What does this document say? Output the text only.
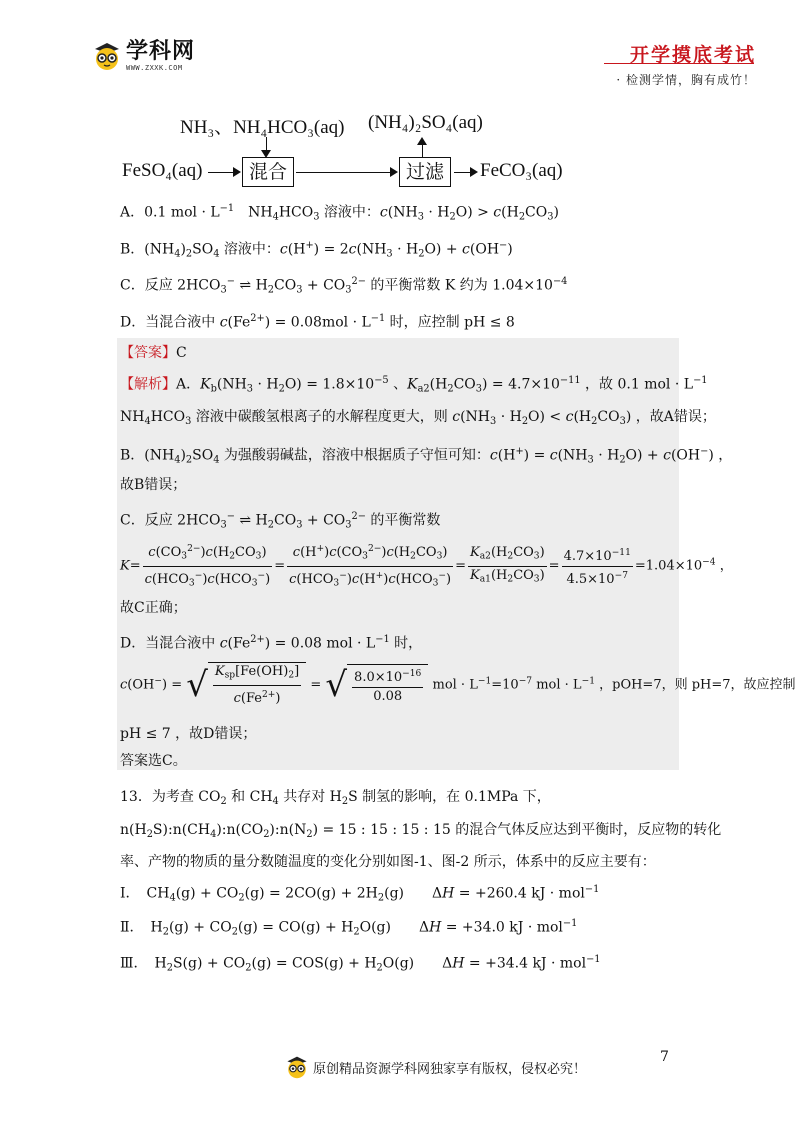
学科网
WWW.ZXXK.COM
开学摸底考试
· 检测学情，胸有成竹！
NH₃、NH₄HCO₃(aq) (NH₄)₂SO₄(aq)
FeSO₄(aq)	混合	过滤	FeCO₃(aq)
A．0.1 mol · $L^{-1}$　$NH_4HCO_3$ 溶液中：$c(NH_3 \cdot H_2O) > c(H_2CO_3)$
B．$(NH_4)_2SO_4$ 溶液中：$c(H^+) = 2c(NH_3 \cdot H_2O) + c(OH^-)$
C．反应 $2HCO_3^-$ ⇌ $H_2CO_3 + CO_3^{2-}$ 的平衡常数 K 约为 $1.04\times 10^{-4}$
D．当混合液中 $c(Fe^{2+}) = 0.08mol \cdot L^{-1}$ 时，应控制 pH ≤ 8
【答案】C
【解析】A．$K_b(NH_3 \cdot H_2O) = 1.8\times 10^{-5}$ 、$K_{a2}(H_2CO_3) = 4.7\times 10^{-11}$ ，故 0.1 mol · $L^{-1}$
$NH_4HCO_3$ 溶液中碳酸氢根离子的水解程度更大，则 $c(NH_3 \cdot H_2O) < c(H_2CO_3)$ ，故A错误；
B．$(NH_4)_2SO_4$ 为强酸弱碱盐，溶液中根据质子守恒可知：$c(H^+) = c(NH_3 \cdot H_2O) + c(OH^-)$ ，
故B错误；
C．反应 $2HCO_3^-$ ⇌ $H_2CO_3 + CO_3^{2-}$ 的平衡常数
$K= \frac{c(CO_3^{2-})c(H_2CO_3)}{c(HCO_3^-)c(HCO_3^-)} = \frac{c(H^+)c(CO_3^{2-})c(H_2CO_3)}{c(HCO_3^-)c(H^+)c(HCO_3^-)} = \frac{K_{a2}(H_2CO_3)}{K_{a1}(H_2CO_3)} = \frac{4.7\times 10^{-11}}{4.5\times 10^{-7}} =1.04\times 10^{-4}$ ，
故C正确；
D．当混合液中 $c(Fe^{2+}) = 0.08$ mol · $L^{-1}$ 时，
c(OH−) = √ $\frac{K_{sp}[Fe(OH)_2]}{c(Fe^{2+})}$ = √ $\frac{8.0\times 10^{-16}}{0.08}$ mol · $L^{-1}=10^{-7}$ mol · $L^{-1}$ ，pOH=7，则 pH=7，故应控制
pH ≤ 7 ，故D错误；
答案选C。
13．为考查 $CO_2$ 和 $CH_4$ 共存对 $H_2S$ 制氢的影响，在 0.1MPa 下，
$n(H_2S):n(CH_4):n(CO_2):n(N_2) = 15$ : 15 : 15 : 15 的混合气体反应达到平衡时，反应物的转化
率、产物的物质的量分数随温度的变化分别如图-1、图-2 所示，体系中的反应主要有：
Ⅰ．　$CH_4(g) + CO_2(g) = 2CO(g) + 2H_2(g)$　　ΔH = +260.4 kJ · mol$^{-1}$
Ⅱ．　$H_2(g) + CO_2(g) = CO(g) + H_2O(g)$　　ΔH = +34.0 kJ · mol$^{-1}$
Ⅲ．　$H_2S(g) + CO_2(g) = COS(g) + H_2O(g)$　　ΔH = +34.4 kJ · mol$^{-1}$
原创精品资源学科网独家享有版权，侵权必究！
7
